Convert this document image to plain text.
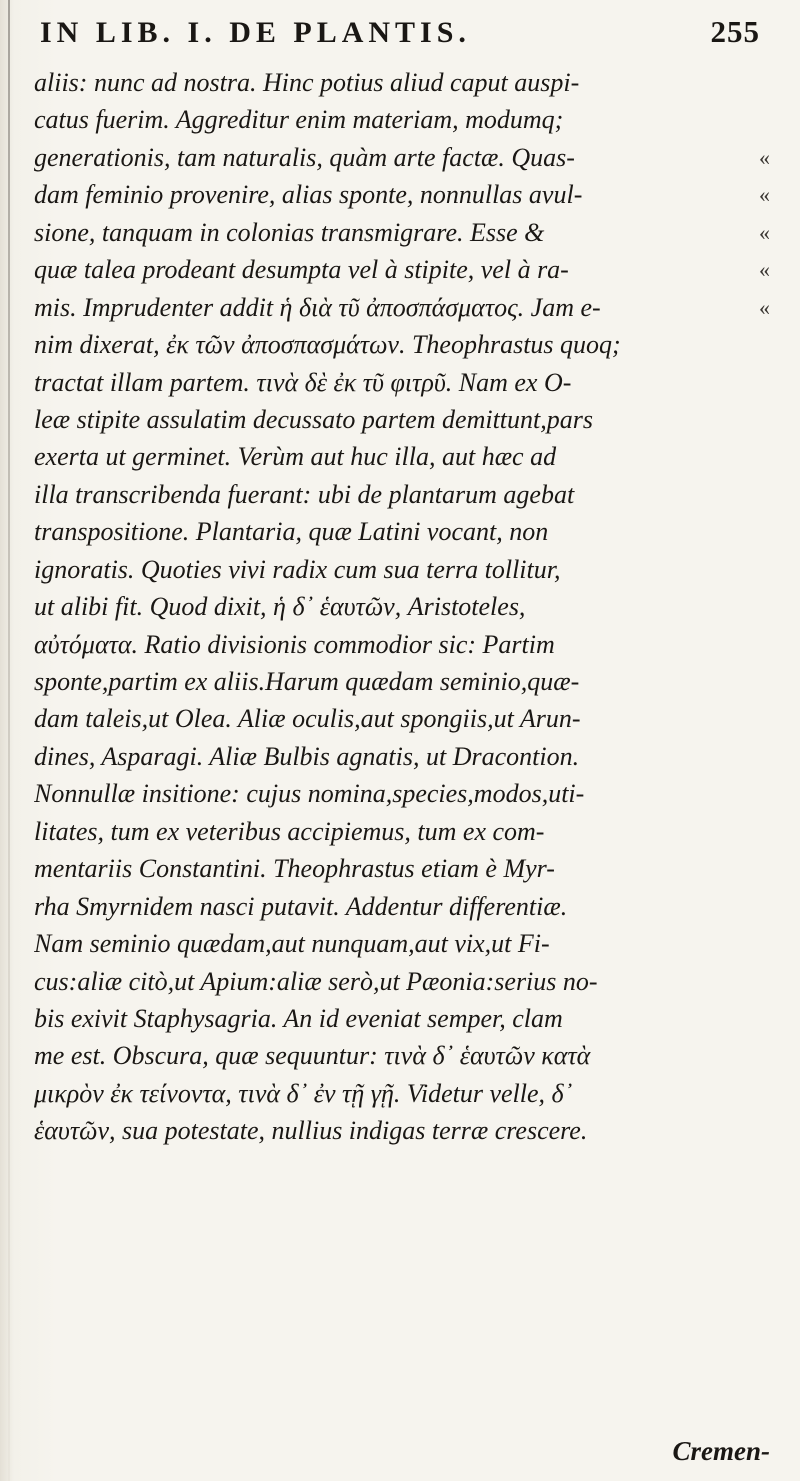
IN LIB. I. DE PLANTIS.	255
aliis: nunc ad nostra. Hinc potius aliud caput auspi-
catus fuerim. Aggreditur enim materiam, modumq;
generationis, tam naturalis, quàm arte factæ. Quas-	«
dam feminio provenire, alias sponte, nonnullas avul-	«
sione, tanquam in colonias transmigrare. Esse &	«
quæ talea prodeant desumpta vel à stipite, vel à ra-	«
mis. Imprudenter addit ἡ διὰ τῦ ἀποσπάσματος. Jam e-	«
nim dixerat, ἐκ τῶν ἀποσπασμάτων. Theophrastus quoq;
tractat illam partem. τινὰ δὲ ἐκ τῦ φιτρῦ. Nam ex O-
leæ stipite assulatim decussato partem demittunt,pars
exerta ut germinet. Verùm aut huc illa, aut hæc ad
illa transcribenda fuerant: ubi de plantarum agebat
transpositione. Plantaria, quæ Latini vocant, non
ignoratis. Quoties vivi radix cum sua terra tollitur,
ut alibi fit. Quod dixit, ἡ δ᾽ ἑαυτῶν, Aristoteles,
αὐτόματα. Ratio divisionis commodior sic: Partim
sponte,partim ex aliis.Harum quædam seminio,quæ-
dam taleis,ut Olea. Aliæ oculis,aut spongiis,ut Arun-
dines, Asparagi. Aliæ Bulbis agnatis, ut Dracontion.
Nonnullæ insitione: cujus nomina,species,modos,uti-
litates, tum ex veteribus accipiemus, tum ex com-
mentariis Constantini. Theophrastus etiam è Myr-
rha Smyrnidem nasci putavit. Addentur differentiæ.
Nam seminio quædam,aut nunquam,aut vix,ut Fi-
cus:aliæ citò,ut Apium:aliæ serò,ut Pæonia:serius no-
bis exivit Staphysagria. An id eveniat semper, clam
me est. Obscura, quæ sequuntur: τινὰ δ᾽ ἑαυτῶν κατὰ
μικρὸν ἐκ τείνοντα, τινὰ δ᾽ ἐν τῇ γῇ. Videtur velle, δ᾽
ἑαυτῶν, sua potestate, nullius indigas terræ crescere.
Cremen-
